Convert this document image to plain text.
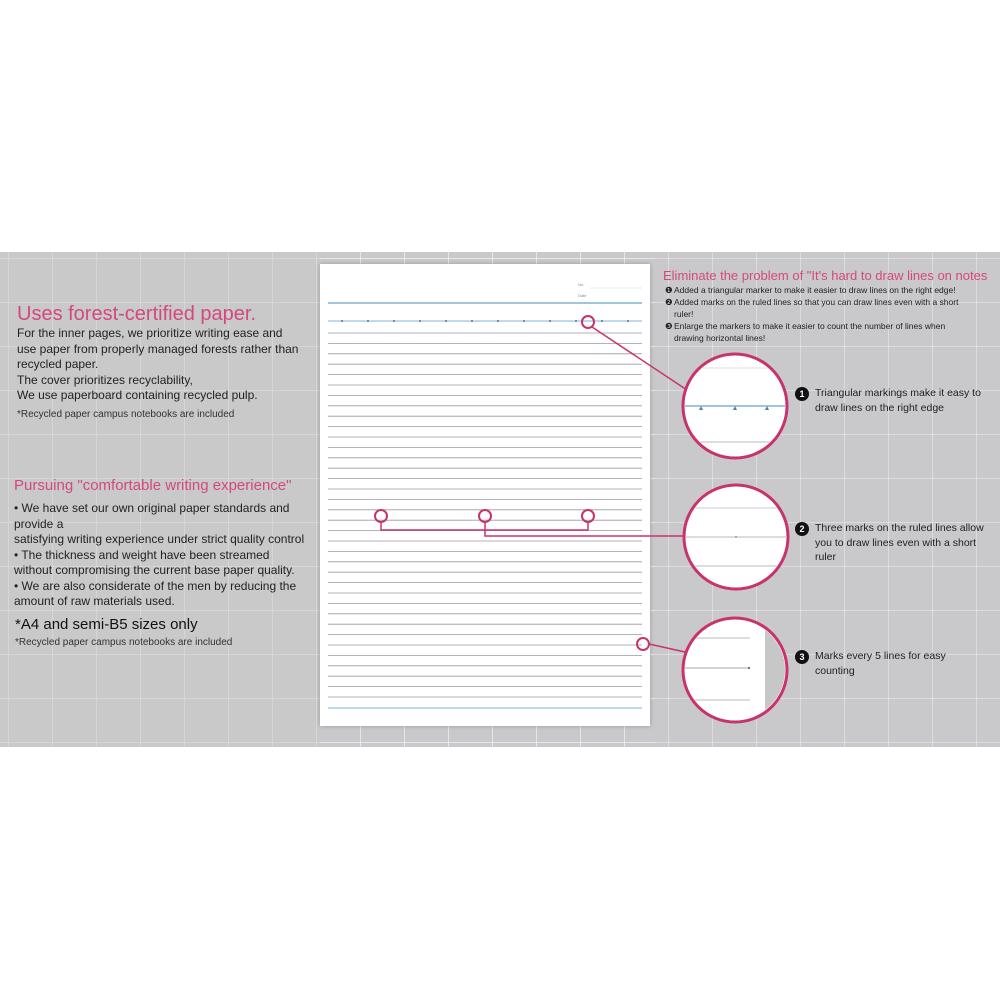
Uses forest-certified paper.
For the inner pages, we prioritize writing ease and
use paper from properly managed forests rather than
recycled paper.
The cover prioritizes recyclability,
We use paperboard containing recycled pulp.
*Recycled paper campus notebooks are included
Pursuing "comfortable writing experience"
• We have set our own original paper standards and
provide a
satisfying writing experience under strict quality control
• The thickness and weight have been streamed
without compromising the current base paper quality.
• We are also considerate of the men by reducing the
amount of raw materials used.
*A4 and semi-B5 sizes only
*Recycled paper campus notebooks are included
No.
Date
Eliminate the problem of "It's hard to draw lines on notes
❶ Added a triangular marker to make it easier to draw lines on the right edge!
❷ Added marks on the ruled lines so that you can draw lines even with a short
ruler!
❸ Enlarge the markers to make it easier to count the number of lines when
drawing horizontal lines!
1	Triangular markings make it easy to
draw lines on the right edge
2	Three marks on the ruled lines allow
you to draw lines even with a short
ruler
3	Marks every 5 lines for easy
counting
